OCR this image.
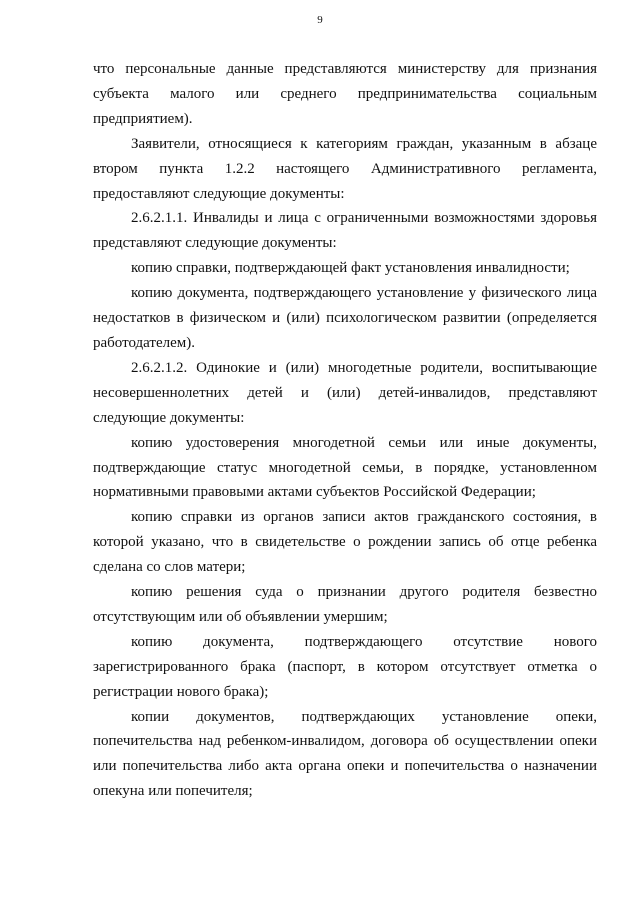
9

что персональные данные представляются министерству для признания субъекта малого или среднего предпринимательства социальным предприятием).

Заявители, относящиеся к категориям граждан, указанным в абзаце втором пункта 1.2.2 настоящего Административного регламента, предоставляют следующие документы:

2.6.2.1.1. Инвалиды и лица с ограниченными возможностями здоровья представляют следующие документы:

копию справки, подтверждающей факт установления инвалидности;

копию документа, подтверждающего установление у физического лица недостатков в физическом и (или) психологическом развитии (определяется работодателем).

2.6.2.1.2. Одинокие и (или) многодетные родители, воспитывающие несовершеннолетних детей и (или) детей-инвалидов, представляют следующие документы:

копию удостоверения многодетной семьи или иные документы, подтверждающие статус многодетной семьи, в порядке, установленном нормативными правовыми актами субъектов Российской Федерации;

копию справки из органов записи актов гражданского состояния, в которой указано, что в свидетельстве о рождении запись об отце ребенка сделана со слов матери;

копию решения суда о признании другого родителя безвестно отсутствующим или об объявлении умершим;

копию документа, подтверждающего отсутствие нового зарегистрированного брака (паспорт, в котором отсутствует отметка о регистрации нового брака);

копии документов, подтверждающих установление опеки, попечительства над ребенком-инвалидом, договора об осуществлении опеки или попечительства либо акта органа опеки и попечительства о назначении опекуна или попечителя;
